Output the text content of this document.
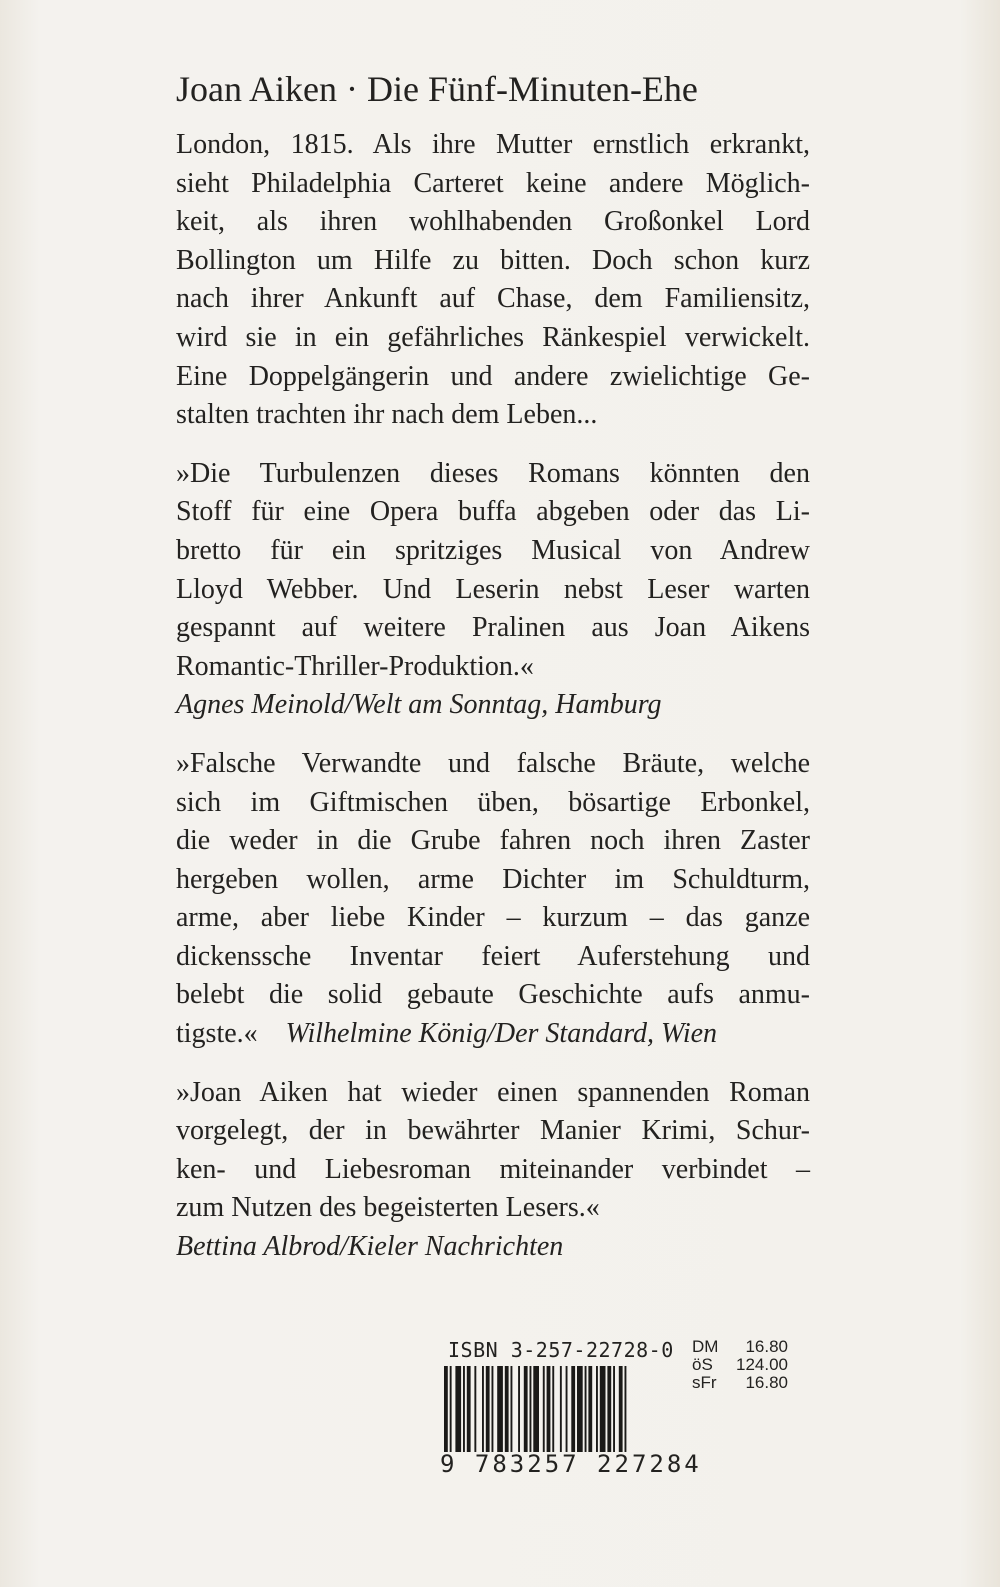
Joan Aiken · Die Fünf-Minuten-Ehe

London, 1815. Als ihre Mutter ernstlich erkrankt,
sieht Philadelphia Carteret keine andere Möglich-
keit, als ihren wohlhabenden Großonkel Lord
Bollington um Hilfe zu bitten. Doch schon kurz
nach ihrer Ankunft auf Chase, dem Familiensitz,
wird sie in ein gefährliches Ränkespiel verwickelt.
Eine Doppelgängerin und andere zwielichtige Ge-
stalten trachten ihr nach dem Leben...

»Die Turbulenzen dieses Romans könnten den
Stoff für eine Opera buffa abgeben oder das Li-
bretto für ein spritziges Musical von Andrew
Lloyd Webber. Und Leserin nebst Leser warten
gespannt auf weitere Pralinen aus Joan Aikens
Romantic-Thriller-Produktion.«
Agnes Meinold/Welt am Sonntag, Hamburg

»Falsche Verwandte und falsche Bräute, welche
sich im Giftmischen üben, bösartige Erbonkel,
die weder in die Grube fahren noch ihren Zaster
hergeben wollen, arme Dichter im Schuldturm,
arme, aber liebe Kinder – kurzum – das ganze
dickenssche Inventar feiert Auferstehung und
belebt die solid gebaute Geschichte aufs anmu-
tigste.« Wilhelmine König/Der Standard, Wien

»Joan Aiken hat wieder einen spannenden Roman
vorgelegt, der in bewährter Manier Krimi, Schur-
ken- und Liebesroman miteinander verbindet –
zum Nutzen des begeisterten Lesers.«
Bettina Albrod/Kieler Nachrichten

ISBN 3-257-22728-0 DM 16.80
öS 124.00
sFr 16.80
9 783257 227284
